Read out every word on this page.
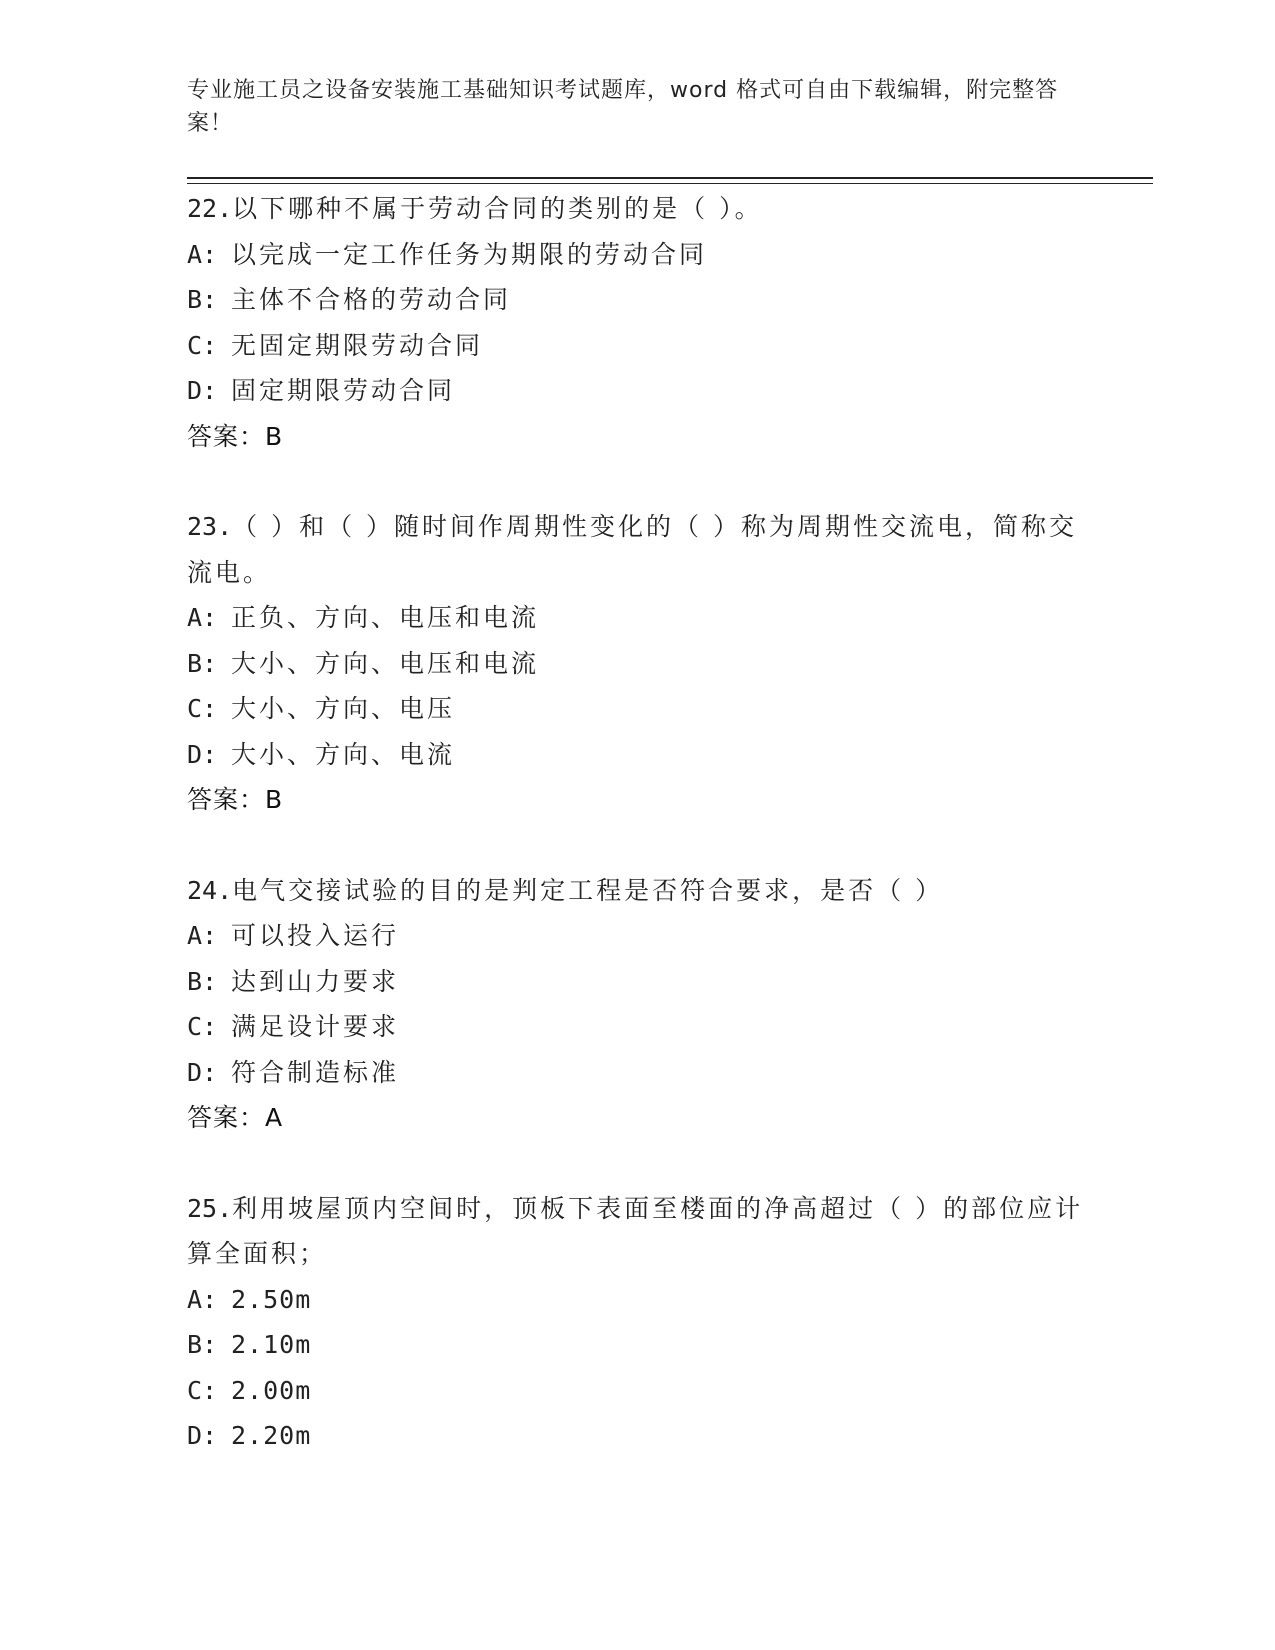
专业施工员之设备安装施工基础知识考试题库，word 格式可自由下载编辑，附完整答案！
22.以下哪种不属于劳动合同的类别的是（ ）。
A: 以完成一定工作任务为期限的劳动合同
B: 主体不合格的劳动合同
C: 无固定期限劳动合同
D: 固定期限劳动合同
答案：B
23.（ ）和（ ）随时间作周期性变化的（ ）称为周期性交流电，简称交流电。
A: 正负、方向、电压和电流
B: 大小、方向、电压和电流
C: 大小、方向、电压
D: 大小、方向、电流
答案：B
24.电气交接试验的目的是判定工程是否符合要求，是否（ ）
A: 可以投入运行
B: 达到山力要求
C: 满足设计要求
D: 符合制造标准
答案：A
25.利用坡屋顶内空间时，顶板下表面至楼面的净高超过（ ）的部位应计算全面积；
A: 2.50m
B: 2.10m
C: 2.00m
D: 2.20m
